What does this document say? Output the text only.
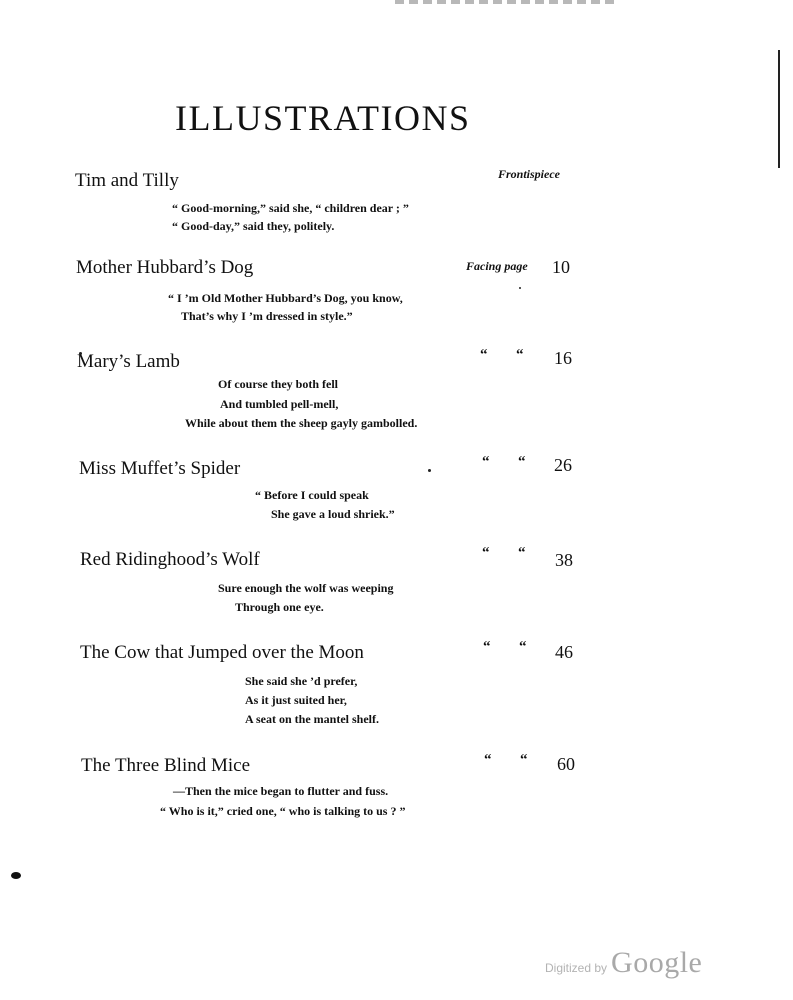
ILLUSTRATIONS
Tim and Tilly	Frontispiece
“ Good-morning,” said she, “ children dear ; ”
“ Good-day,” said they, politely.
Mother Hubbard’s Dog	Facing page 10
“ I ’m Old Mother Hubbard’s Dog, you know,
That’s why I ’m dressed in style.”
Mary’s Lamb	“ “ 16
Of course they both fell
And tumbled pell-mell,
While about them the sheep gayly gambolled.
Miss Muffet’s Spider	“ “ 26
“ Before I could speak
She gave a loud shriek.”
Red Ridinghood’s Wolf	“ “ 38
Sure enough the wolf was weeping
Through one eye.
The Cow that Jumped over the Moon	“ “ 46
She said she ’d prefer,
As it just suited her,
A seat on the mantel shelf.
The Three Blind Mice	“ “ 60
—Then the mice began to flutter and fuss.
“ Who is it,” cried one, “ who is talking to us ? ”
Digitized by Google
